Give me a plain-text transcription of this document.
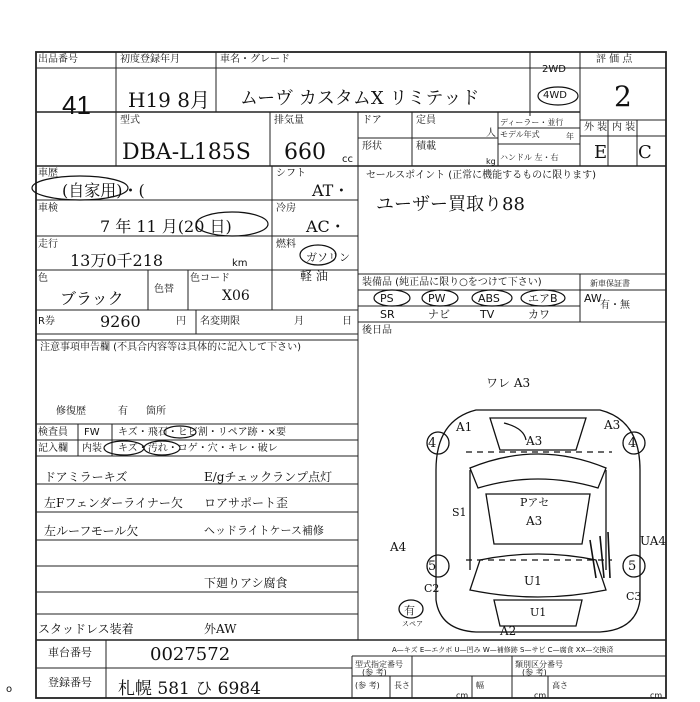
出品番号
41
初度登録年月
H19 8月
車名・グレード
ムーヴ カスタムX リミテッド
2WD
4WD
評 価 点
2
型式
DBA-L185S
排気量
660 cc
ドア	定員
人
ディーラー・並行
モデル年式	年
形状	積載
kg ハンドル 左・右
外 装 内 装
E C
車歴
(自家用)・(
シフト
AT・
車検
7 年 11 月(20 日)
冷房
AC・
走行
13万0千218	km
燃料
ガソリン
軽 油
色
ブラック	色替
色コード
X06
R券	9260	円 名変期限	月	日
セールスポイント (正常に機能するものに限ります)
ユーザー買取り88
装備品 (純正品に限り○をつけて下さい)	新車保証書
有・無
PS	PW	ABS	エアB AW
SR	ナビ	TV	カワ
後日品
注意事項申告欄 (不具合内容等は具体的に記入して下さい)
修復歴	有 箇所
検査員
記入欄
FW キズ・飛石・ヒビ割・リペア跡・×要
内装 キズ・汚れ・コゲ・穴・キレ・破レ
ドアミラーキズ
左Fフェンダーライナー欠
左ルーフモール欠
スタッドレス装着
E/gチェックランプ点灯
ロアサポート歪
ヘッドライトケース補修
下廻りアシ腐食
外AW
ワレ A3
A3
A1
4	4
A3
Pアセ
A3
S1
A4	UA4
5	5
U1
C2
C3
U1
有
A2
スペア
A—キズ E—エクボ U—凹み W—補修跡 S—サビ C—腐食 XX—交換済
車台番号	0027572
登録番号 札幌 581 ひ 6984
型式指定番号
(参 考)
類別区分番号
(参 考)
(参 考) 長さ
cm
幅
cm
高さ
cm
o
